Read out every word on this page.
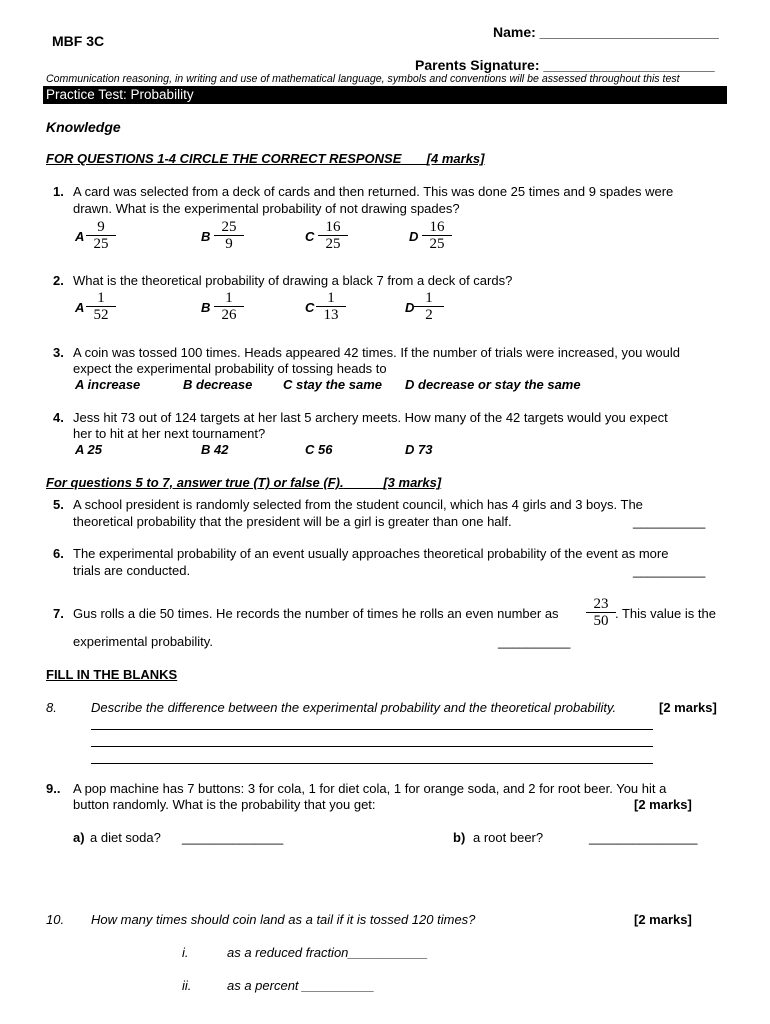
Name: _______________________
MBF 3C
Parents Signature: ______________________
Communication reasoning, in writing and use of mathematical language, symbols and conventions will be assessed throughout this test
Practice Test: Probability
Knowledge
FOR QUESTIONS 1-4 CIRCLE THE CORRECT RESPONSE [4 marks]
1. A card was selected from a deck of cards and then returned. This was done 25 times and 9 spades were
drawn. What is the experimental probability of not drawing spades?
A $\frac{9}{25}$	B $\frac{25}{9}$	C $\frac{16}{25}$	D $\frac{16}{25}$
2. What is the theoretical probability of drawing a black 7 from a deck of cards?
A $\frac{1}{52}$	B $\frac{1}{26}$	C $\frac{1}{13}$	D $\frac{1}{2}$
3. A coin was tossed 100 times. Heads appeared 42 times. If the number of trials were increased, you would
expect the experimental probability of tossing heads to
A increase	B decrease C stay the same D decrease or stay the same
4. Jess hit 73 out of 124 targets at her last 5 archery meets. How many of the 42 targets would you expect
her to hit at her next tournament?
A 25	B 42	C 56	D 73
For questions 5 to 7, answer true (T) or false (F).	[3 marks]
5. A school president is randomly selected from the student council, which has 4 girls and 3 boys. The
theoretical probability that the president will be a girl is greater than one half.	__________
6. The experimental probability of an event usually approaches theoretical probability of the event as more
trials are conducted.	__________
7. Gus rolls a die 50 times. He records the number of times he rolls an even number as $\frac{23}{50}$ . This value is the
experimental probability.	__________
FILL IN THE BLANKS
8.	Describe the difference between the experimental probability and the theoretical probability.	[2 marks]
9.. A pop machine has 7 buttons: 3 for cola, 1 for diet cola, 1 for orange soda, and 2 for root beer. You hit a
button randomly. What is the probability that you get:	[2 marks]
a) a diet soda? ______________	b) a root beer?	_______________
10. How many times should coin land as a tail if it is tossed 120 times?	[2 marks]
i.	as a reduced fraction___________
ii.	as a percent __________
